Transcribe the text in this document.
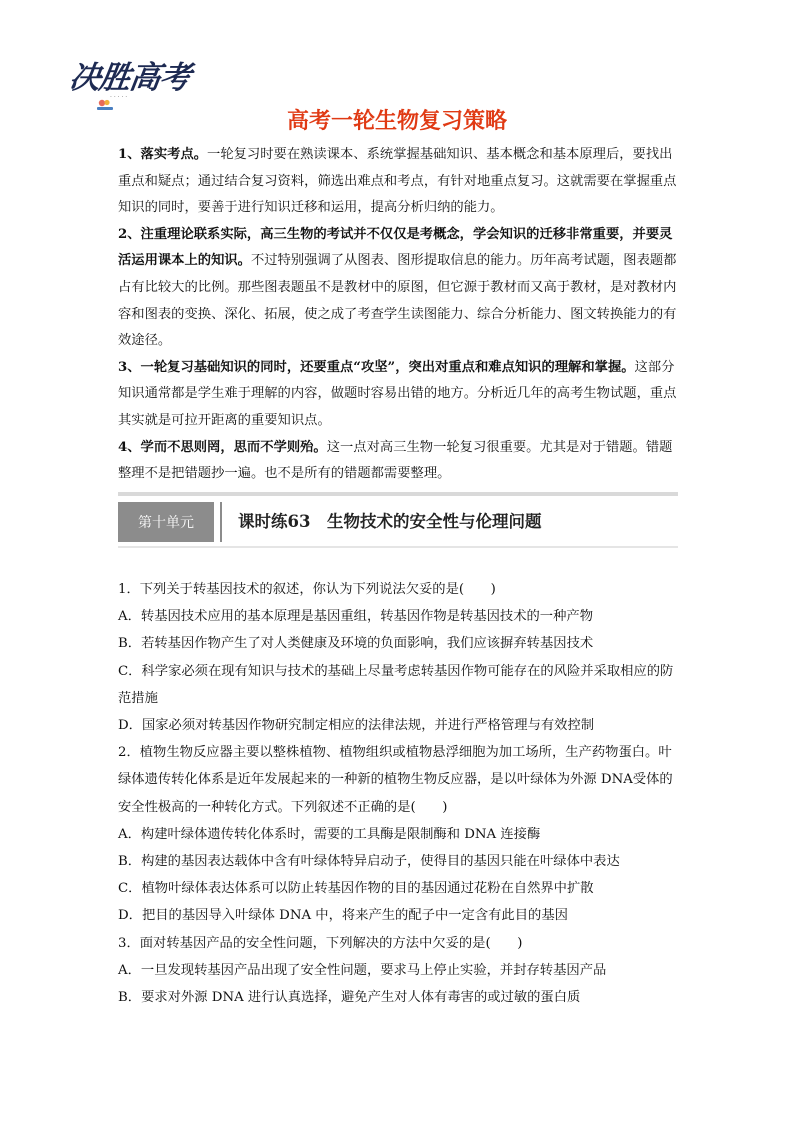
决胜高考
· · · · ·
高考一轮生物复习策略

1、落实考点。一轮复习时要在熟读课本、系统掌握基础知识、基本概念和基本原理后，要找出重点和疑点；通过结合复习资料，筛选出难点和考点，有针对地重点复习。这就需要在掌握重点知识的同时，要善于进行知识迁移和运用，提高分析归纳的能力。

2、注重理论联系实际，高三生物的考试并不仅仅是考概念，学会知识的迁移非常重要，并要灵活运用课本上的知识。不过特别强调了从图表、图形提取信息的能力。历年高考试题，图表题都占有比较大的比例。那些图表题虽不是教材中的原图，但它源于教材而又高于教材，是对教材内容和图表的变换、深化、拓展，使之成了考查学生读图能力、综合分析能力、图文转换能力的有效途径。

3、一轮复习基础知识的同时，还要重点“攻坚”，突出对重点和难点知识的理解和掌握。这部分知识通常都是学生难于理解的内容，做题时容易出错的地方。分析近几年的高考生物试题，重点其实就是可拉开距离的重要知识点。

4、学而不思则罔，思而不学则殆。这一点对高三生物一轮复习很重要。尤其是对于错题。错题整理不是把错题抄一遍。也不是所有的错题都需要整理。

第十单元	课时练63　生物技术的安全性与伦理问题

1．下列关于转基因技术的叙述，你认为下列说法欠妥的是(　　)

A．转基因技术应用的基本原理是基因重组，转基因作物是转基因技术的一种产物

B．若转基因作物产生了对人类健康及环境的负面影响，我们应该摒弃转基因技术

C．科学家必须在现有知识与技术的基础上尽量考虑转基因作物可能存在的风险并采取相应的防范措施

D．国家必须对转基因作物研究制定相应的法律法规，并进行严格管理与有效控制

2．植物生物反应器主要以整株植物、植物组织或植物悬浮细胞为加工场所，生产药物蛋白。叶绿体遗传转化体系是近年发展起来的一种新的植物生物反应器，是以叶绿体为外源 DNA受体的安全性极高的一种转化方式。下列叙述不正确的是(　　)

A．构建叶绿体遗传转化体系时，需要的工具酶是限制酶和 DNA 连接酶

B．构建的基因表达载体中含有叶绿体特异启动子，使得目的基因只能在叶绿体中表达

C．植物叶绿体表达体系可以防止转基因作物的目的基因通过花粉在自然界中扩散

D．把目的基因导入叶绿体 DNA 中，将来产生的配子中一定含有此目的基因

3．面对转基因产品的安全性问题，下列解决的方法中欠妥的是(　　)

A．一旦发现转基因产品出现了安全性问题，要求马上停止实验，并封存转基因产品

B．要求对外源 DNA 进行认真选择，避免产生对人体有毒害的或过敏的蛋白质
